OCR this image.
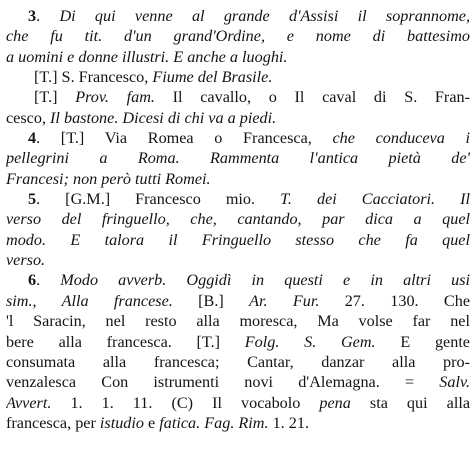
3. Di qui venne al grande d'Assisi il soprannome,
che fu tit. d'un grand'Ordine, e nome di battesimo
a uomini e donne illustri. E anche a luoghi.
[T.] S. Francesco, Fiume del Brasile.
[T.] Prov. fam. Il cavallo, o Il caval di S. Fran-
cesco, Il bastone. Dicesi di chi va a piedi.
4. [T.] Via Romea o Francesca, che conduceva i
pellegrini a Roma. Rammenta l'antica pietà de'
Francesi; non però tutti Romei.
5. [G.M.] Francesco mio. T. dei Cacciatori. Il
verso del fringuello, che, cantando, par dica a quel
modo. E talora il Fringuello stesso che fa quel
verso.
6. Modo avverb. Oggidì in questi e in altri usi
sim., Alla francese. [B.] Ar. Fur. 27. 130. Che
'l Saracin, nel resto alla moresca, Ma volse far nel
bere alla francesca. [T.] Folg. S. Gem. E gente
consumata alla francesca; Cantar, danzar alla pro-
venzalesca Con istrumenti novi d'Alemagna. = Salv.
Avvert. 1. 1. 11. (C) Il vocabolo pena sta qui alla
francesca, per istudio e fatica. Fag. Rim. 1. 21.
